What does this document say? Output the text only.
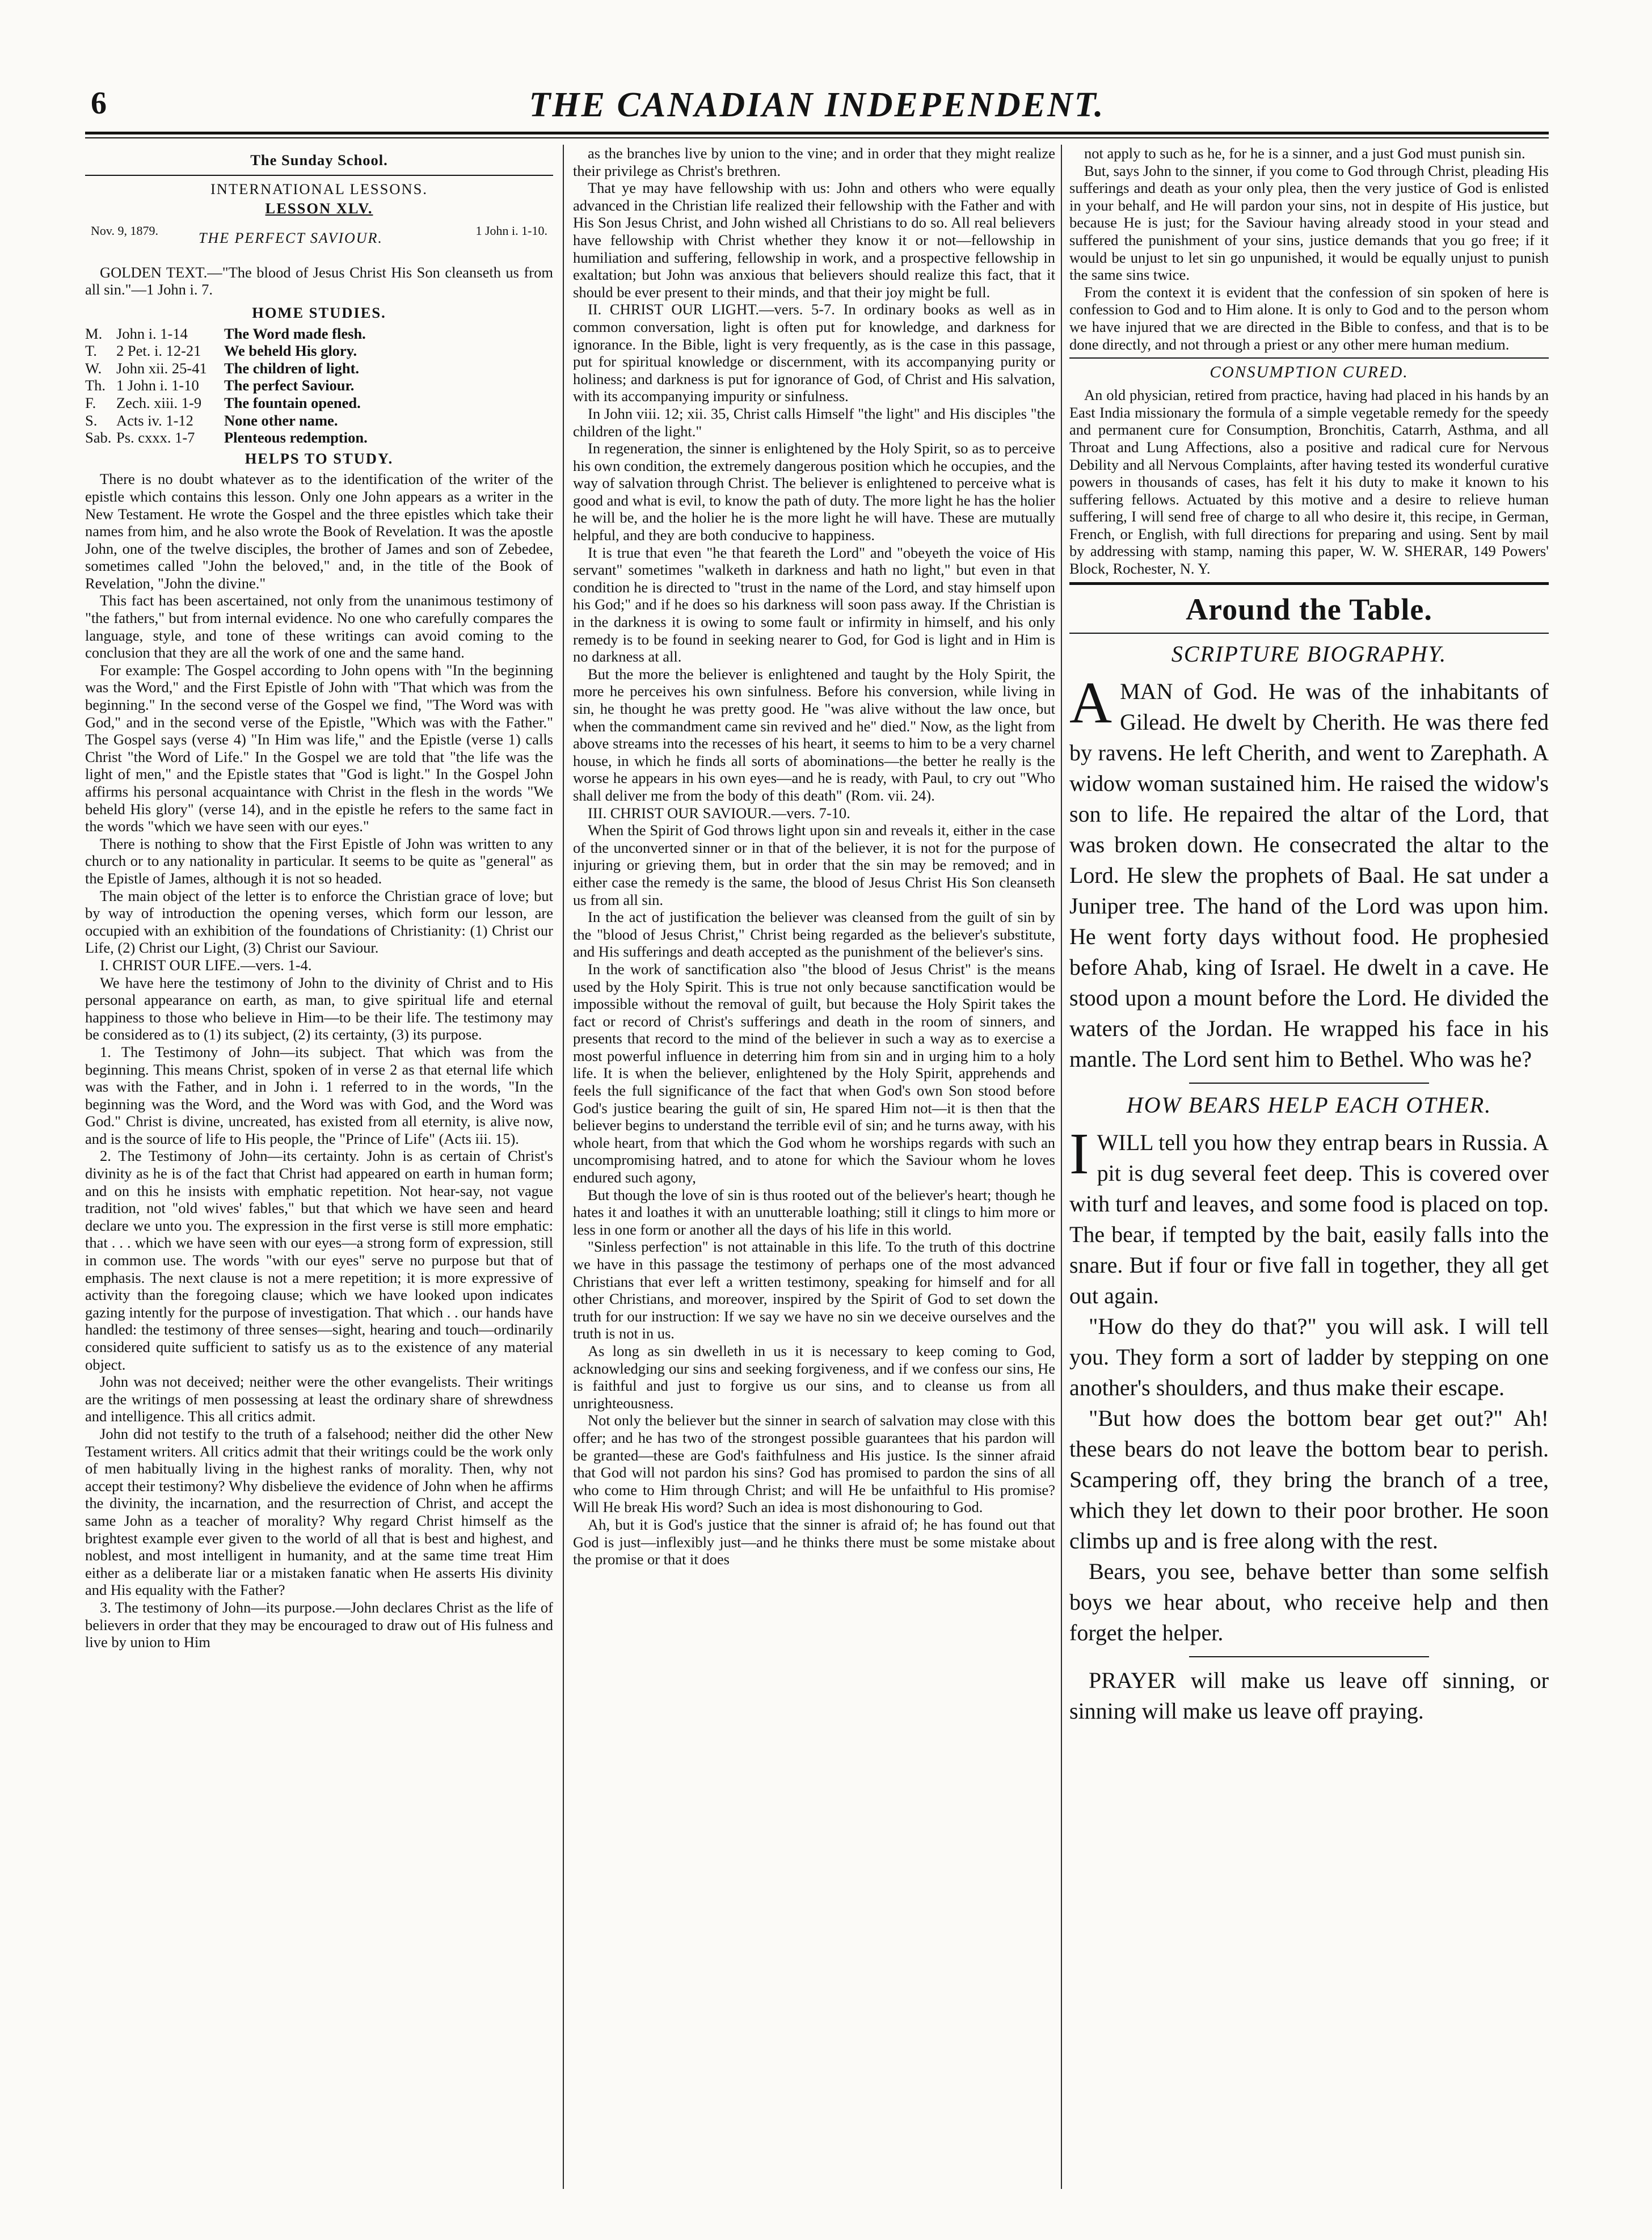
6	THE CANADIAN INDEPENDENT.
The Sunday School.
INTERNATIONAL LESSONS.
LESSON XLV.
Nov. 9, 1879.	THE PERFECT SAVIOUR.	1 John i. 1-10.
GOLDEN TEXT.—"The blood of Jesus Christ His Son cleanseth us from all sin."—1 John i. 7.
HOME STUDIES.
M. John i. 1-14	The Word made flesh.
T.	2 Pet. i. 12-21	We beheld His glory.
W. John xii. 25-41	The children of light.
Th. 1 John i. 1-10	The perfect Saviour.
F.	Zech. xiii. 1-9	The fountain opened.
S.	Acts iv. 1-12	None other name.
Sab. Ps. cxxx. 1-7	Plenteous redemption.
HELPS TO STUDY.

There is no doubt whatever as to the identification of the writer of the epistle which contains this lesson. Only one John appears as a writer in the New Testament. He wrote the Gospel and the three epistles which take their names from him, and he also wrote the Book of Revelation. It was the apostle John, one of the twelve disciples, the brother of James and son of Zebedee, sometimes called "John the beloved," and, in the title of the Book of Revelation, "John the divine."

This fact has been ascertained, not only from the unanimous testimony of "the fathers," but from internal evidence. No one who carefully compares the language, style, and tone of these writings can avoid coming to the conclusion that they are all the work of one and the same hand.

For example: The Gospel according to John opens with "In the beginning was the Word," and the First Epistle of John with "That which was from the beginning." In the second verse of the Gospel we find, "The Word was with God," and in the second verse of the Epistle, "Which was with the Father." The Gospel says (verse 4) "In Him was life," and the Epistle (verse 1) calls Christ "the Word of Life." In the Gospel we are told that "the life was the light of men," and the Epistle states that "God is light." In the Gospel John affirms his personal acquaintance with Christ in the flesh in the words "We beheld His glory" (verse 14), and in the epistle he refers to the same fact in the words "which we have seen with our eyes."

There is nothing to show that the First Epistle of John was written to any church or to any nationality in particular. It seems to be quite as "general" as the Epistle of James, although it is not so headed.

The main object of the letter is to enforce the Christian grace of love; but by way of introduction the opening verses, which form our lesson, are occupied with an exhibition of the foundations of Christianity: (1) Christ our Life, (2) Christ our Light, (3) Christ our Saviour.

I. CHRIST OUR LIFE.—vers. 1-4.

We have here the testimony of John to the divinity of Christ and to His personal appearance on earth, as man, to give spiritual life and eternal happiness to those who believe in Him—to be their life. The testimony may be considered as to (1) its subject, (2) its certainty, (3) its purpose.

1. The Testimony of John—its subject. That which was from the beginning. This means Christ, spoken of in verse 2 as that eternal life which was with the Father, and in John i. 1 referred to in the words, "In the beginning was the Word, and the Word was with God, and the Word was God." Christ is divine, uncreated, has existed from all eternity, is alive now, and is the source of life to His people, the "Prince of Life" (Acts iii. 15).

2. The Testimony of John—its certainty. John is as certain of Christ's divinity as he is of the fact that Christ had appeared on earth in human form; and on this he insists with emphatic repetition. Not hear-say, not vague tradition, not "old wives' fables," but that which we have seen and heard declare we unto you. The expression in the first verse is still more emphatic: that . . . which we have seen with our eyes—a strong form of expression, still in common use. The words "with our eyes" serve no purpose but that of emphasis. The next clause is not a mere repetition; it is more expressive of activity than the foregoing clause; which we have looked upon indicates gazing intently for the purpose of investigation. That which . . our hands have handled: the testimony of three senses—sight, hearing and touch—ordinarily considered quite sufficient to satisfy us as to the existence of any material object.

John was not deceived; neither were the other evangelists. Their writings are the writings of men possessing at least the ordinary share of shrewdness and intelligence. This all critics admit.

John did not testify to the truth of a falsehood; neither did the other New Testament writers. All critics admit that their writings could be the work only of men habitually living in the highest ranks of morality. Then, why not accept their testimony? Why disbelieve the evidence of John when he affirms the divinity, the incarnation, and the resurrection of Christ, and accept the same John as a teacher of morality? Why regard Christ himself as the brightest example ever given to the world of all that is best and highest, and noblest, and most intelligent in humanity, and at the same time treat Him either as a deliberate liar or a mistaken fanatic when He asserts His divinity and His equality with the Father?

3. The testimony of John—its purpose.—John declares Christ as the life of believers in order that they may be encouraged to draw out of His fulness and live by union to Him

as the branches live by union to the vine; and in order that they might realize their privilege as Christ's brethren.

That ye may have fellowship with us: John and others who were equally advanced in the Christian life realized their fellowship with the Father and with His Son Jesus Christ, and John wished all Christians to do so. All real believers have fellowship with Christ whether they know it or not—fellowship in humiliation and suffering, fellowship in work, and a prospective fellowship in exaltation; but John was anxious that believers should realize this fact, that it should be ever present to their minds, and that their joy might be full.

II. CHRIST OUR LIGHT.—vers. 5-7. In ordinary books as well as in common conversation, light is often put for knowledge, and darkness for ignorance. In the Bible, light is very frequently, as is the case in this passage, put for spiritual knowledge or discernment, with its accompanying purity or holiness; and darkness is put for ignorance of God, of Christ and His salvation, with its accompanying impurity or sinfulness.

In John viii. 12; xii. 35, Christ calls Himself "the light" and His disciples "the children of the light."

In regeneration, the sinner is enlightened by the Holy Spirit, so as to perceive his own condition, the extremely dangerous position which he occupies, and the way of salvation through Christ. The believer is enlightened to perceive what is good and what is evil, to know the path of duty. The more light he has the holier he will be, and the holier he is the more light he will have. These are mutually helpful, and they are both conducive to happiness.

It is true that even "he that feareth the Lord" and "obeyeth the voice of His servant" sometimes "walketh in darkness and hath no light," but even in that condition he is directed to "trust in the name of the Lord, and stay himself upon his God;" and if he does so his darkness will soon pass away. If the Christian is in the darkness it is owing to some fault or infirmity in himself, and his only remedy is to be found in seeking nearer to God, for God is light and in Him is no darkness at all.

But the more the believer is enlightened and taught by the Holy Spirit, the more he perceives his own sinfulness. Before his conversion, while living in sin, he thought he was pretty good. He "was alive without the law once, but when the commandment came sin revived and he" died." Now, as the light from above streams into the recesses of his heart, it seems to him to be a very charnel house, in which he finds all sorts of abominations—the better he really is the worse he appears in his own eyes—and he is ready, with Paul, to cry out "Who shall deliver me from the body of this death" (Rom. vii. 24).

III. CHRIST OUR SAVIOUR.—vers. 7-10.

When the Spirit of God throws light upon sin and reveals it, either in the case of the unconverted sinner or in that of the believer, it is not for the purpose of injuring or grieving them, but in order that the sin may be removed; and in either case the remedy is the same, the blood of Jesus Christ His Son cleanseth us from all sin.

In the act of justification the believer was cleansed from the guilt of sin by the "blood of Jesus Christ," Christ being regarded as the believer's substitute, and His sufferings and death accepted as the punishment of the believer's sins.

In the work of sanctification also "the blood of Jesus Christ" is the means used by the Holy Spirit. This is true not only because sanctification would be impossible without the removal of guilt, but because the Holy Spirit takes the fact or record of Christ's sufferings and death in the room of sinners, and presents that record to the mind of the believer in such a way as to exercise a most powerful influence in deterring him from sin and in urging him to a holy life. It is when the believer, enlightened by the Holy Spirit, apprehends and feels the full significance of the fact that when God's own Son stood before God's justice bearing the guilt of sin, He spared Him not—it is then that the believer begins to understand the terrible evil of sin; and he turns away, with his whole heart, from that which the God whom he worships regards with such an uncompromising hatred, and to atone for which the Saviour whom he loves endured such agony,

But though the love of sin is thus rooted out of the believer's heart; though he hates it and loathes it with an unutterable loathing; still it clings to him more or less in one form or another all the days of his life in this world.

"Sinless perfection" is not attainable in this life. To the truth of this doctrine we have in this passage the testimony of perhaps one of the most advanced Christians that ever left a written testimony, speaking for himself and for all other Christians, and moreover, inspired by the Spirit of God to set down the truth for our instruction: If we say we have no sin we deceive ourselves and the truth is not in us.

As long as sin dwelleth in us it is necessary to keep coming to God, acknowledging our sins and seeking forgiveness, and if we confess our sins, He is faithful and just to forgive us our sins, and to cleanse us from all unrighteousness.

Not only the believer but the sinner in search of salvation may close with this offer; and he has two of the strongest possible guarantees that his pardon will be granted—these are God's faithfulness and His justice. Is the sinner afraid that God will not pardon his sins? God has promised to pardon the sins of all who come to Him through Christ; and will He be unfaithful to His promise? Will He break His word? Such an idea is most dishonouring to God.

Ah, but it is God's justice that the sinner is afraid of; he has found out that God is just—inflexibly just—and he thinks there must be some mistake about the promise or that it does

not apply to such as he, for he is a sinner, and a just God must punish sin.

But, says John to the sinner, if you come to God through Christ, pleading His sufferings and death as your only plea, then the very justice of God is enlisted in your behalf, and He will pardon your sins, not in despite of His justice, but because He is just; for the Saviour having already stood in your stead and suffered the punishment of your sins, justice demands that you go free; if it would be unjust to let sin go unpunished, it would be equally unjust to punish the same sins twice.

From the context it is evident that the confession of sin spoken of here is confession to God and to Him alone. It is only to God and to the person whom we have injured that we are directed in the Bible to confess, and that is to be done directly, and not through a priest or any other mere human medium.

CONSUMPTION CURED.

An old physician, retired from practice, having had placed in his hands by an East India missionary the formula of a simple vegetable remedy for the speedy and permanent cure for Consumption, Bronchitis, Catarrh, Asthma, and all Throat and Lung Affections, also a positive and radical cure for Nervous Debility and all Nervous Complaints, after having tested its wonderful curative powers in thousands of cases, has felt it his duty to make it known to his suffering fellows. Actuated by this motive and a desire to relieve human suffering, I will send free of charge to all who desire it, this recipe, in German, French, or English, with full directions for preparing and using. Sent by mail by addressing with stamp, naming this paper, W. W. SHERAR, 149 Powers' Block, Rochester, N. Y.

Around the Table.
SCRIPTURE BIOGRAPHY.

AMAN of God. He was of the inhabitants of Gilead. He dwelt by Cherith. He was there fed by ravens. He left Cherith, and went to Zarephath. A widow woman sustained him. He raised the widow's son to life. He repaired the altar of the Lord, that was broken down. He consecrated the altar to the Lord. He slew the prophets of Baal. He sat under a Juniper tree. The hand of the Lord was upon him. He went forty days without food. He prophesied before Ahab, king of Israel. He dwelt in a cave. He stood upon a mount before the Lord. He divided the waters of the Jordan. He wrapped his face in his mantle. The Lord sent him to Bethel. Who was he?

HOW BEARS HELP EACH OTHER.

IWILL tell you how they entrap bears in Russia. A pit is dug several feet deep. This is covered over with turf and leaves, and some food is placed on top. The bear, if tempted by the bait, easily falls into the snare. But if four or five fall in together, they all get out again.

"How do they do that?" you will ask. I will tell you. They form a sort of ladder by stepping on one another's shoulders, and thus make their escape.

"But how does the bottom bear get out?" Ah! these bears do not leave the bottom bear to perish. Scampering off, they bring the branch of a tree, which they let down to their poor brother. He soon climbs up and is free along with the rest.

Bears, you see, behave better than some selfish boys we hear about, who receive help and then forget the helper.

PRAYER will make us leave off sinning, or sinning will make us leave off praying.
